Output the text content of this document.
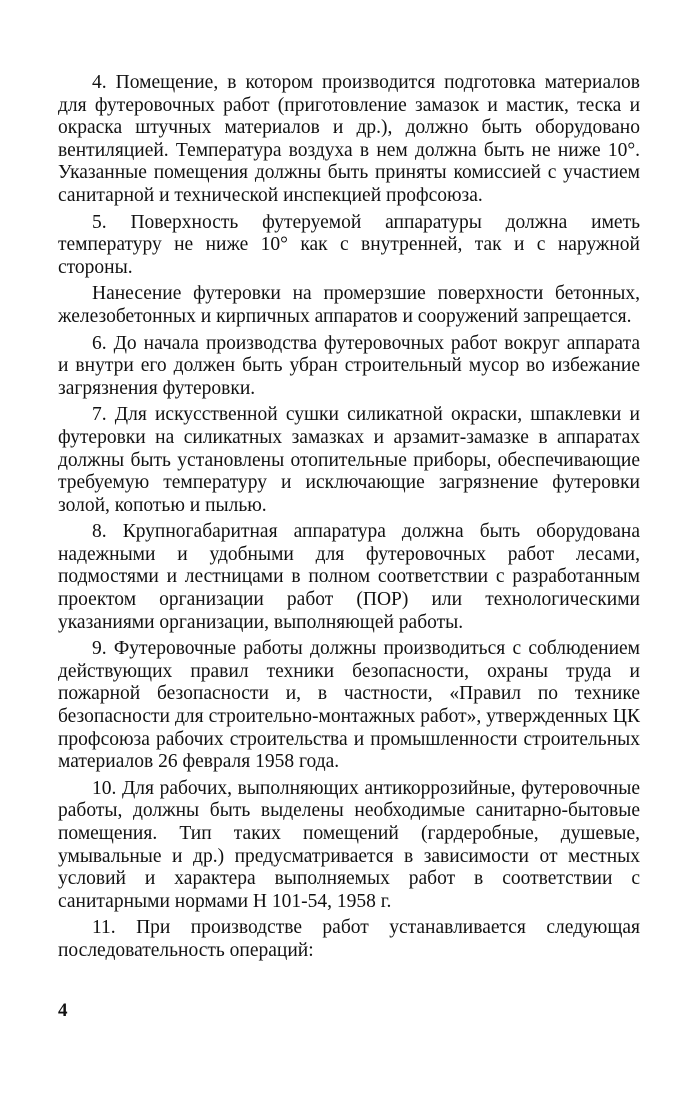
4. Помещение, в котором производится подготовка материалов для футеровочных работ (приготовление замазок и мастик, теска и окраска штучных материалов и др.), должно быть оборудовано вентиляцией. Температура воздуха в нем должна быть не ниже 10°. Указанные помещения должны быть приняты комиссией с участием санитарной и технической инспекцией профсоюза.

5. Поверхность футеруемой аппаратуры должна иметь температуру не ниже 10° как с внутренней, так и с наружной стороны.

Нанесение футеровки на промерзшие поверхности бетонных, железобетонных и кирпичных аппаратов и сооружений запрещается.

6. До начала производства футеровочных работ вокруг аппарата и внутри его должен быть убран строительный мусор во избежание загрязнения футеровки.

7. Для искусственной сушки силикатной окраски, шпаклевки и футеровки на силикатных замазках и арзамит-замазке в аппаратах должны быть установлены отопительные приборы, обеспечивающие требуемую температуру и исключающие загрязнение футеровки золой, копотью и пылью.

8. Крупногабаритная аппаратура должна быть оборудована надежными и удобными для футеровочных работ лесами, подмостями и лестницами в полном соответствии с разработанным проектом организации работ (ПОР) или технологическими указаниями организации, выполняющей работы.

9. Футеровочные работы должны производиться с соблюдением действующих правил техники безопасности, охраны труда и пожарной безопасности и, в частности, «Правил по технике безопасности для строительно-монтажных работ», утвержденных ЦК профсоюза рабочих строительства и промышленности строительных материалов 26 февраля 1958 года.

10. Для рабочих, выполняющих антикоррозийные, футеровочные работы, должны быть выделены необходимые санитарно-бытовые помещения. Тип таких помещений (гардеробные, душевые, умывальные и др.) предусматривается в зависимости от местных условий и характера выполняемых работ в соответствии с санитарными нормами Н 101-54, 1958 г.

11. При производстве работ устанавливается следующая последовательность операций:

4
